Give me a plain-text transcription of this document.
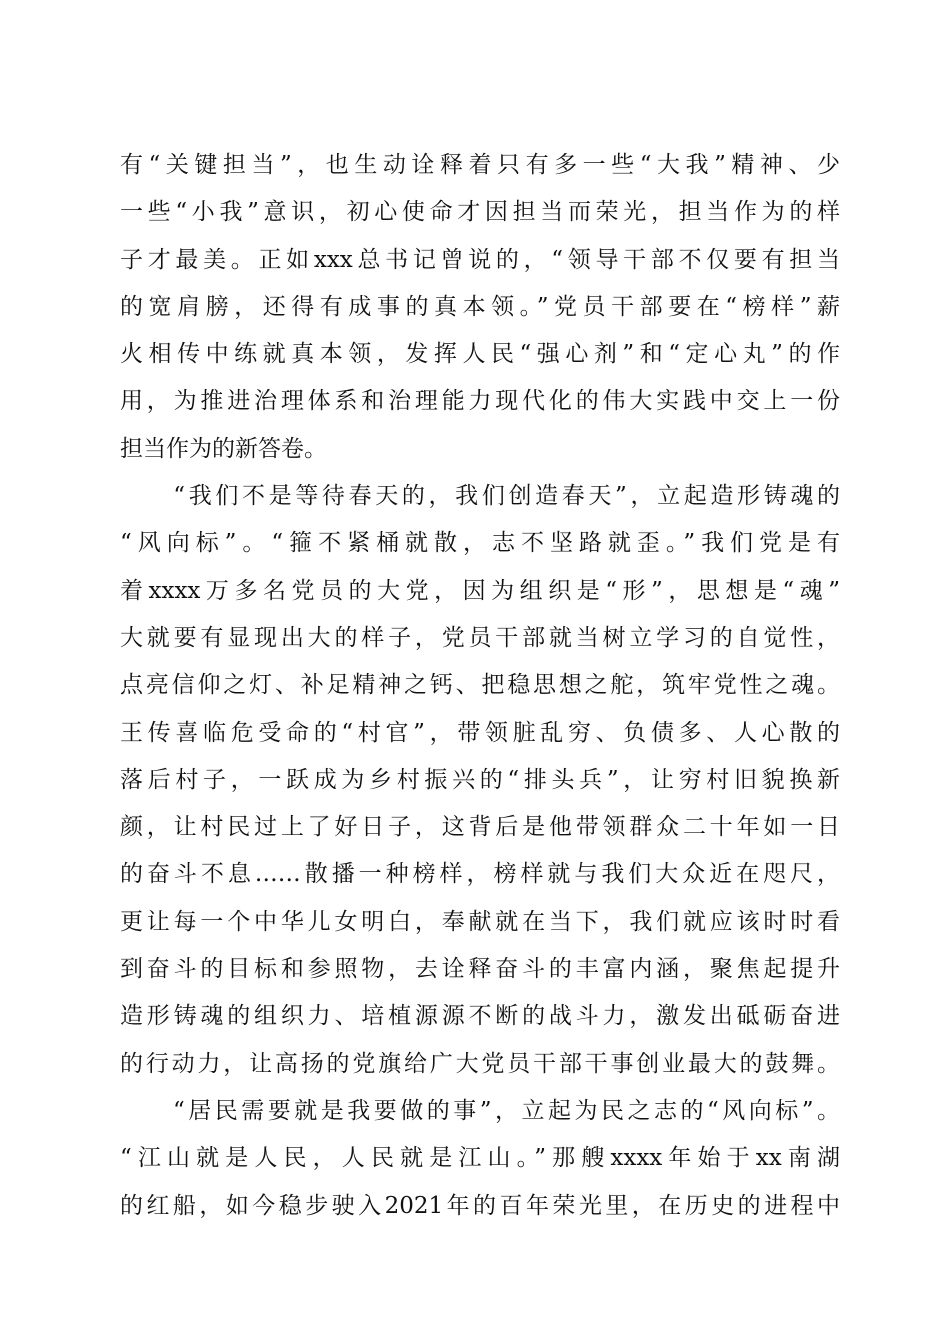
有“关键担当”，也生动诠释着只有多一些“大我”精神、少
一些“小我”意识，初心使命才因担当而荣光，担当作为的样
子才最美。正如xxx总书记曾说的，“领导干部不仅要有担当
的宽肩膀，还得有成事的真本领。”党员干部要在“榜样”薪
火相传中练就真本领，发挥人民“强心剂”和“定心丸”的作
用，为推进治理体系和治理能力现代化的伟大实践中交上一份
担当作为的新答卷。
　　“我们不是等待春天的，我们创造春天”，立起造形铸魂的
“风向标”。“箍不紧桶就散，志不坚路就歪。”我们党是有
着xxxx万多名党员的大党，因为组织是“形”，思想是“魂”
大就要有显现出大的样子，党员干部就当树立学习的自觉性，
点亮信仰之灯、补足精神之钙、把稳思想之舵，筑牢党性之魂。
王传喜临危受命的“村官”，带领脏乱穷、负债多、人心散的
落后村子，一跃成为乡村振兴的“排头兵”，让穷村旧貌换新
颜，让村民过上了好日子，这背后是他带领群众二十年如一日
的奋斗不息……散播一种榜样，榜样就与我们大众近在咫尺，
更让每一个中华儿女明白，奉献就在当下，我们就应该时时看
到奋斗的目标和参照物，去诠释奋斗的丰富内涵，聚焦起提升
造形铸魂的组织力、培植源源不断的战斗力，激发出砥砺奋进
的行动力，让高扬的党旗给广大党员干部干事创业最大的鼓舞。
　　“居民需要就是我要做的事”，立起为民之志的“风向标”。
“江山就是人民，人民就是江山。”那艘xxxx年始于xx南湖
的红船，如今稳步驶入2021年的百年荣光里，在历史的进程中
